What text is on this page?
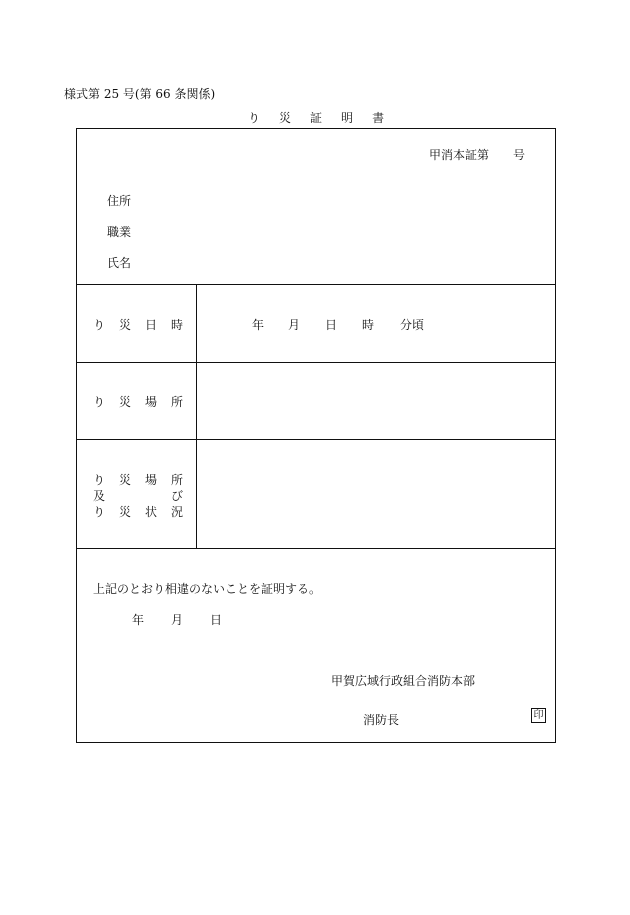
様式第 25 号(第 66 条関係)
り 災 証 明 書
甲消本証第 号
住所
職業
氏名
り 災 日 時	年 月 日 時 分頃
り 災 場 所
り 災 場 所
及	び
り 災 状 況
上記のとおり相違のないことを証明する。
年 月 日
甲賀広域行政組合消防本部
消防長	印
